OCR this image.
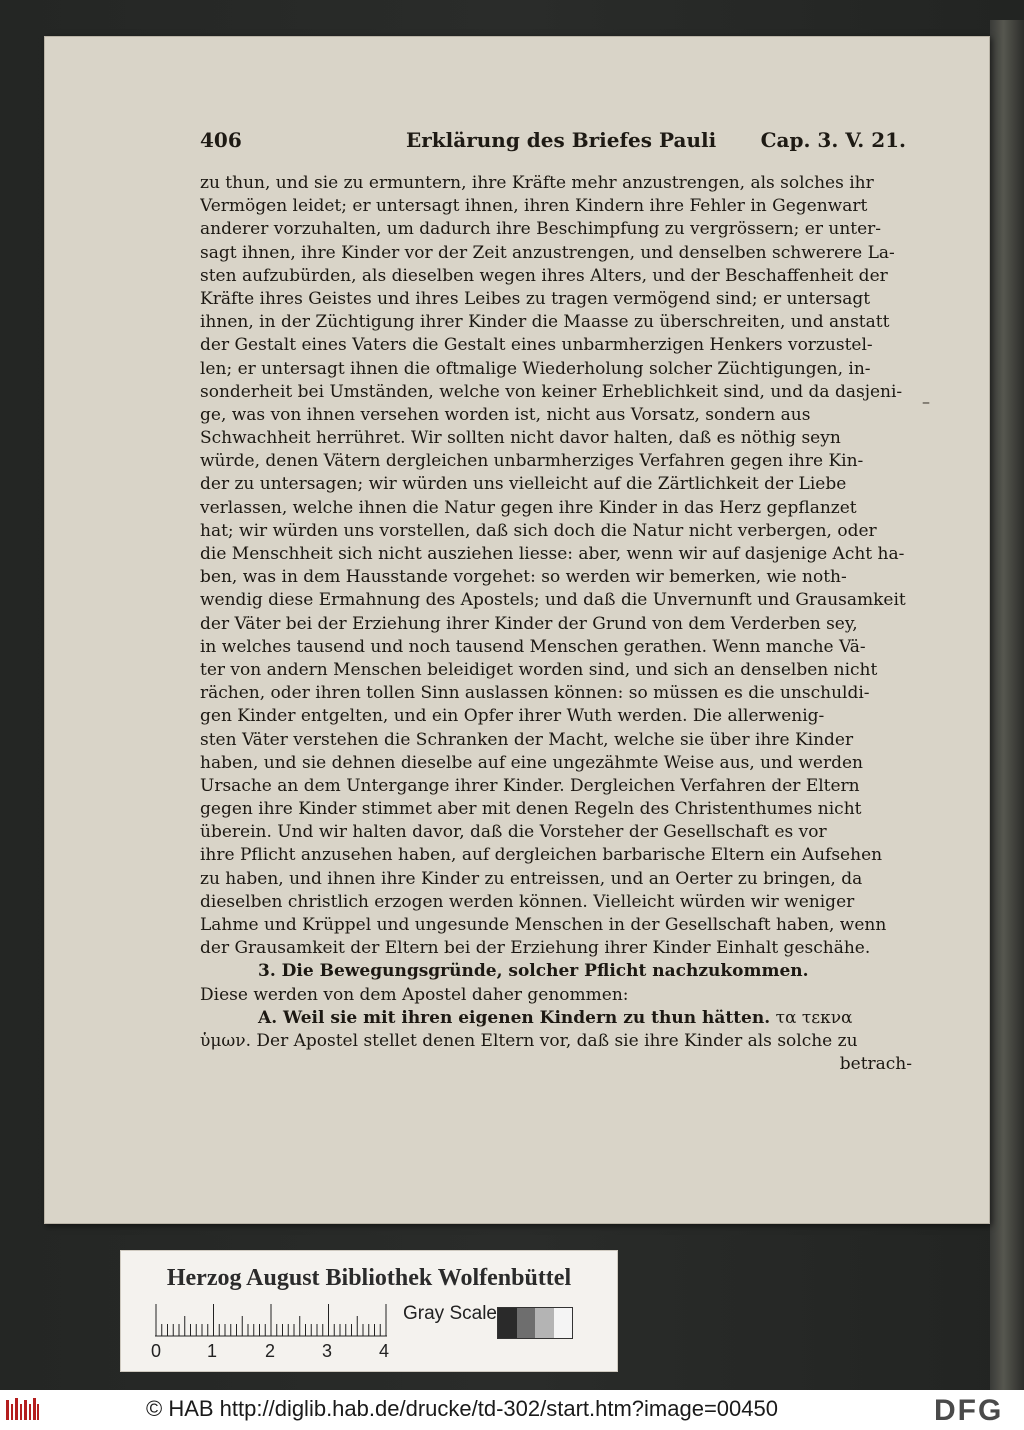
406	Erklärung des Briefes Pauli Cap. 3. V. 21.
–
zu thun, und sie zu ermuntern, ihre Kräfte mehr anzustrengen, als solches ihr
Vermögen leidet; er untersagt ihnen, ihren Kindern ihre Fehler in Gegenwart
anderer vorzuhalten, um dadurch ihre Beschimpfung zu vergrössern; er unter-
sagt ihnen, ihre Kinder vor der Zeit anzustrengen, und denselben schwerere La-
sten aufzubürden, als dieselben wegen ihres Alters, und der Beschaffenheit der
Kräfte ihres Geistes und ihres Leibes zu tragen vermögend sind; er untersagt
ihnen, in der Züchtigung ihrer Kinder die Maasse zu überschreiten, und anstatt
der Gestalt eines Vaters die Gestalt eines unbarmherzigen Henkers vorzustel-
len; er untersagt ihnen die oftmalige Wiederholung solcher Züchtigungen, in-
sonderheit bei Umständen, welche von keiner Erheblichkeit sind, und da dasjeni-
ge, was von ihnen versehen worden ist, nicht aus Vorsatz, sondern aus
Schwachheit herrühret. Wir sollten nicht davor halten, daß es nöthig seyn
würde, denen Vätern dergleichen unbarmherziges Verfahren gegen ihre Kin-
der zu untersagen; wir würden uns vielleicht auf die Zärtlichkeit der Liebe
verlassen, welche ihnen die Natur gegen ihre Kinder in das Herz gepflanzet
hat; wir würden uns vorstellen, daß sich doch die Natur nicht verbergen, oder
die Menschheit sich nicht ausziehen liesse: aber, wenn wir auf dasjenige Acht ha-
ben, was in dem Hausstande vorgehet: so werden wir bemerken, wie noth-
wendig diese Ermahnung des Apostels; und daß die Unvernunft und Grausamkeit
der Väter bei der Erziehung ihrer Kinder der Grund von dem Verderben sey,
in welches tausend und noch tausend Menschen gerathen. Wenn manche Vä-
ter von andern Menschen beleidiget worden sind, und sich an denselben nicht
rächen, oder ihren tollen Sinn auslassen können: so müssen es die unschuldi-
gen Kinder entgelten, und ein Opfer ihrer Wuth werden. Die allerwenig-
sten Väter verstehen die Schranken der Macht, welche sie über ihre Kinder
haben, und sie dehnen dieselbe auf eine ungezähmte Weise aus, und werden
Ursache an dem Untergange ihrer Kinder. Dergleichen Verfahren der Eltern
gegen ihre Kinder stimmet aber mit denen Regeln des Christenthumes nicht
überein. Und wir halten davor, daß die Vorsteher der Gesellschaft es vor
ihre Pflicht anzusehen haben, auf dergleichen barbarische Eltern ein Aufsehen
zu haben, und ihnen ihre Kinder zu entreissen, und an Oerter zu bringen, da
dieselben christlich erzogen werden können. Vielleicht würden wir weniger
Lahme und Krüppel und ungesunde Menschen in der Gesellschaft haben, wenn
der Grausamkeit der Eltern bei der Erziehung ihrer Kinder Einhalt geschähe.
3. Die Bewegungsgründe, solcher Pflicht nachzukommen.
Diese werden von dem Apostel daher genommen:
A. Weil sie mit ihren eigenen Kindern zu thun hätten. τα τεκνα
ὑμων. Der Apostel stellet denen Eltern vor, daß sie ihre Kinder als solche zu
betrach-
Herzog August Bibliothek Wolfenbüttel
0	1	2	3	4
Gray Scale
© HAB http://diglib.hab.de/drucke/td-302/start.htm?image=00450	DFG
